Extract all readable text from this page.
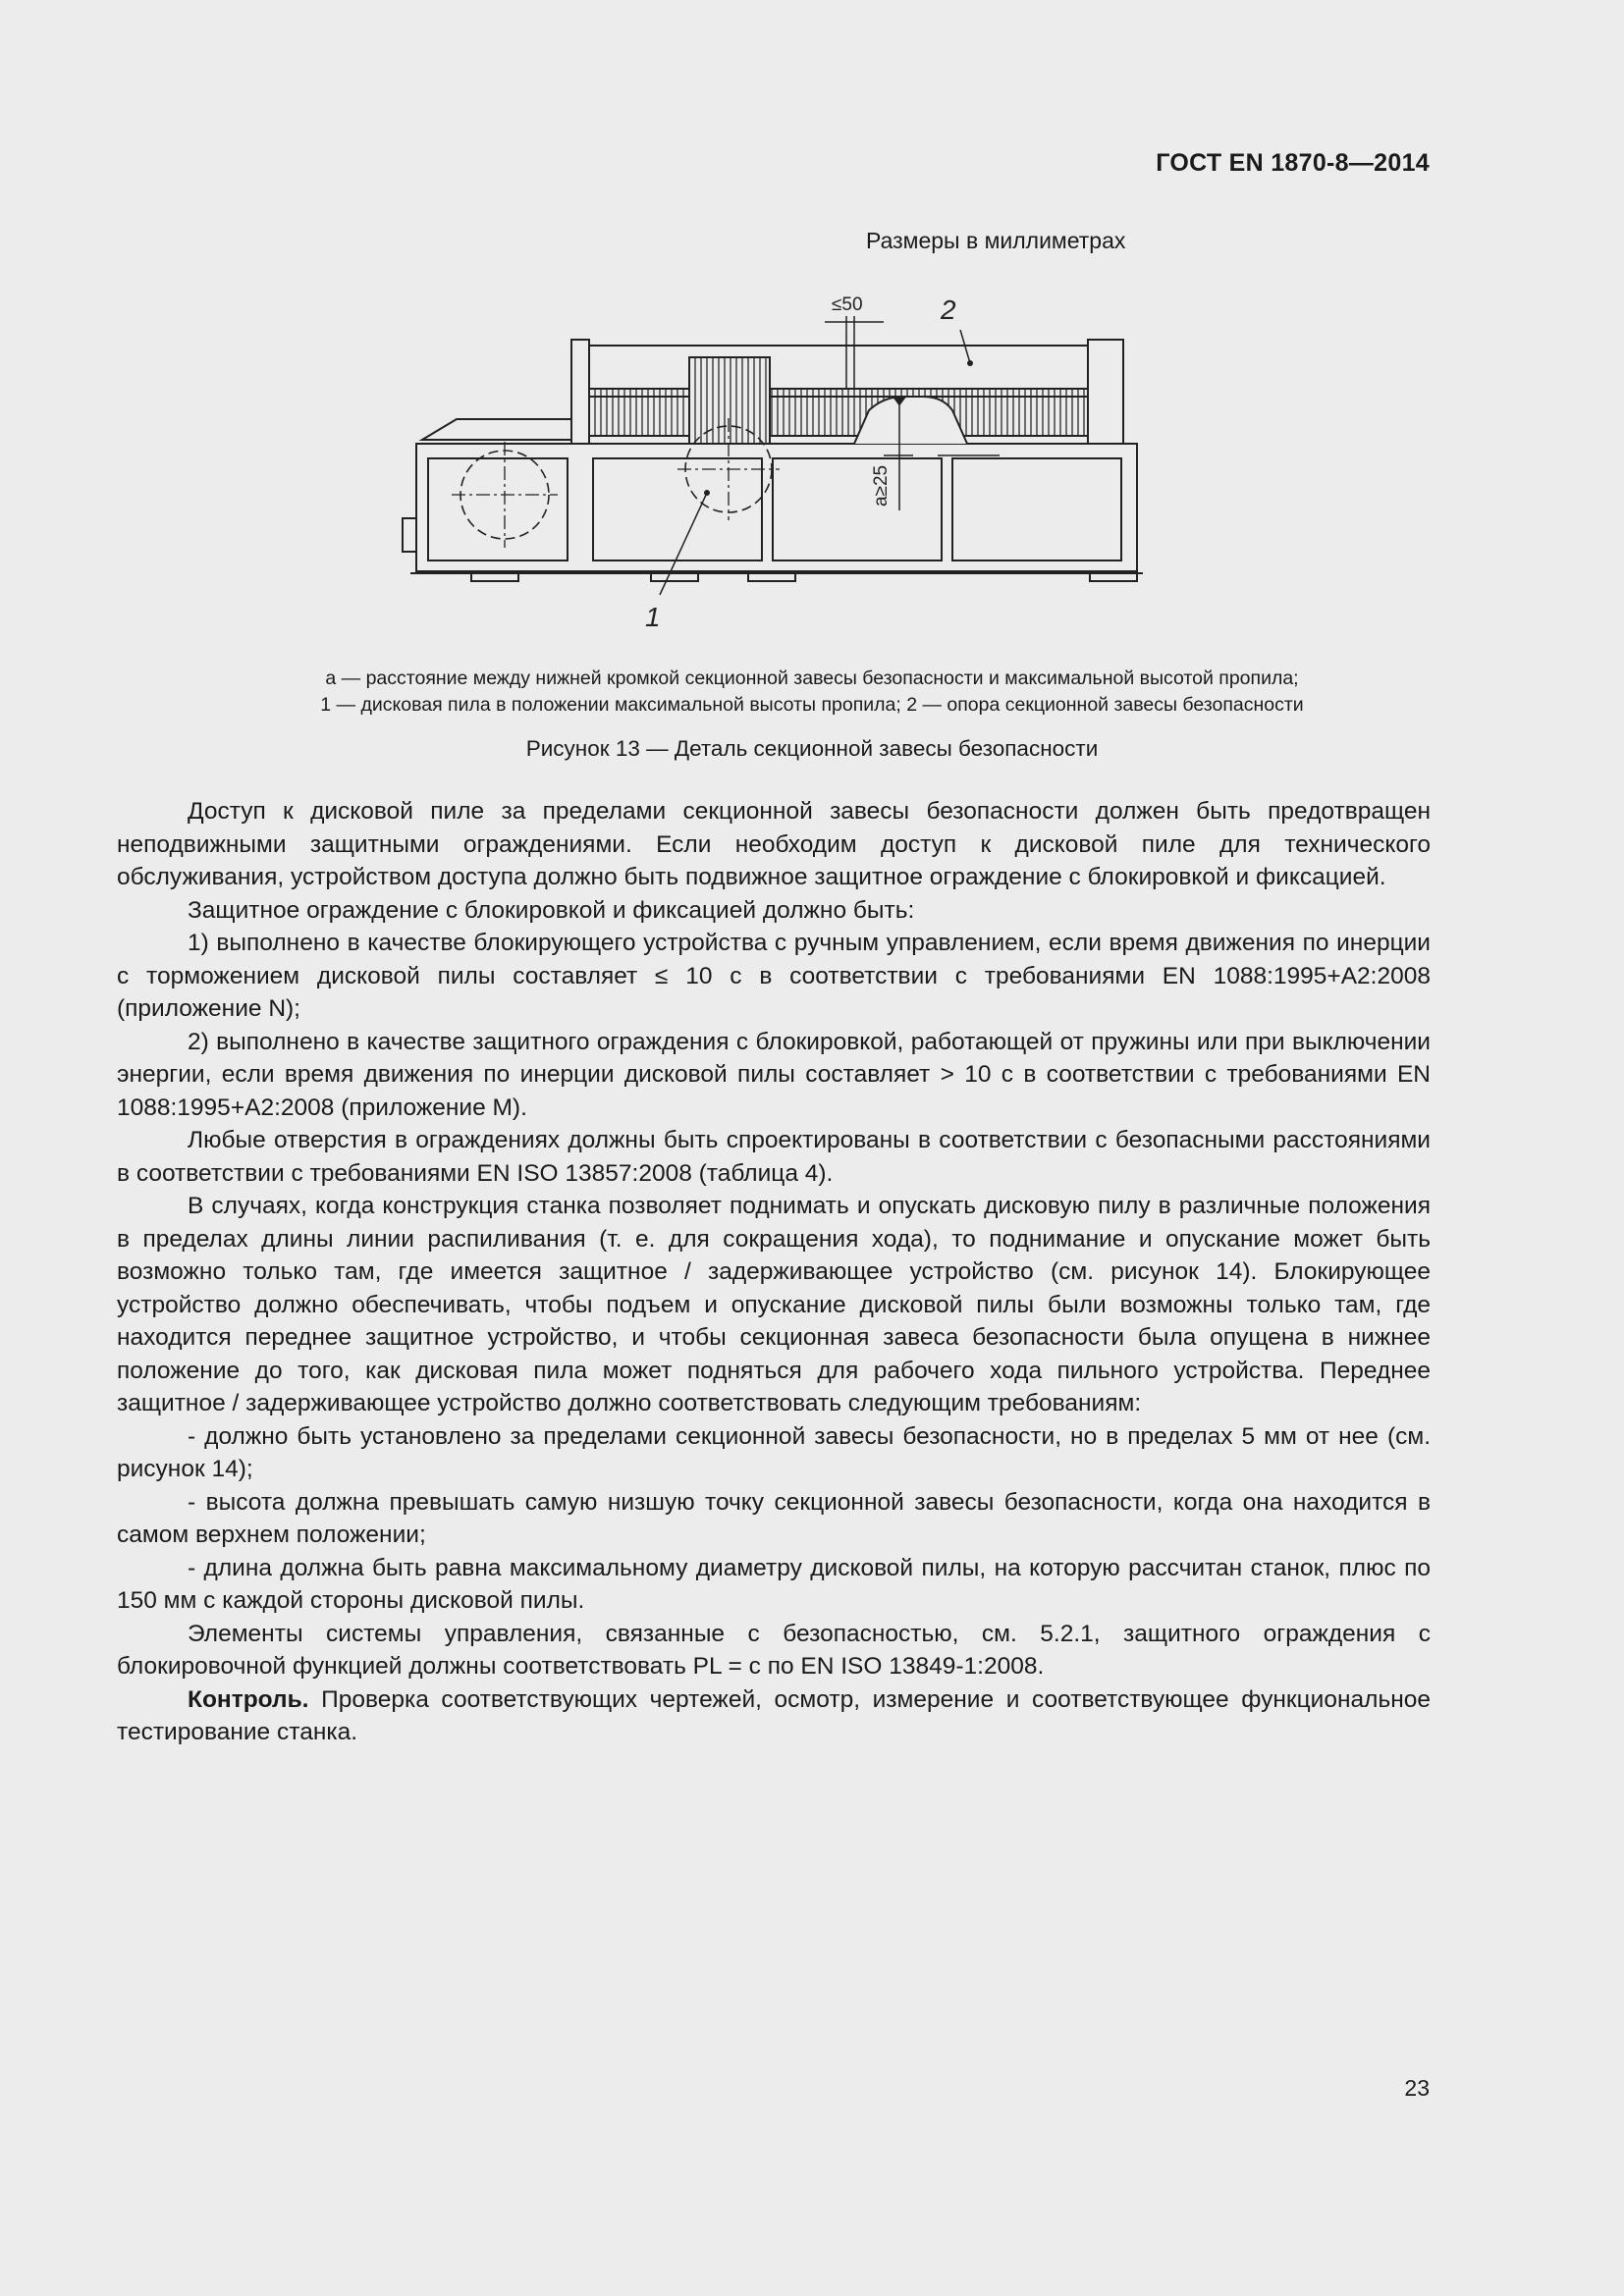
ГОСТ EN 1870-8—2014
Размеры в миллиметрах
≤50
a≥25
2
1
a — расстояние между нижней кромкой секционной завесы безопасности и максимальной высотой пропила;
1 — дисковая пила в положении максимальной высоты пропила; 2 — опора секционной завесы безопасности
Рисунок 13 — Деталь секционной завесы безопасности

Доступ к дисковой пиле за пределами секционной завесы безопасности должен быть предотвращен неподвижными защитными ограждениями. Если необходим доступ к дисковой пиле для технического обслуживания, устройством доступа должно быть подвижное защитное ограждение с блокировкой и фиксацией.

Защитное ограждение с блокировкой и фиксацией должно быть:

1) выполнено в качестве блокирующего устройства с ручным управлением, если время движения по инерции с торможением дисковой пилы составляет ≤ 10 с в соответствии с требованиями EN 1088:1995+A2:2008 (приложение N);

2) выполнено в качестве защитного ограждения с блокировкой, работающей от пружины или при выключении энергии, если время движения по инерции дисковой пилы составляет > 10 с в соответствии с требованиями EN 1088:1995+A2:2008 (приложение M).

Любые отверстия в ограждениях должны быть спроектированы в соответствии с безопасными расстояниями в соответствии с требованиями EN ISO 13857:2008 (таблица 4).

В случаях, когда конструкция станка позволяет поднимать и опускать дисковую пилу в различные положения в пределах длины линии распиливания (т. е. для сокращения хода), то поднимание и опускание может быть возможно только там, где имеется защитное / задерживающее устройство (см. рисунок 14). Блокирующее устройство должно обеспечивать, чтобы подъем и опускание дисковой пилы были возможны только там, где находится переднее защитное устройство, и чтобы секционная завеса безопасности была опущена в нижнее положение до того, как дисковая пила может подняться для рабочего хода пильного устройства. Переднее защитное / задерживающее устройство должно соответствовать следующим требованиям:

- должно быть установлено за пределами секционной завесы безопасности, но в пределах 5 мм от нее (см. рисунок 14);

- высота должна превышать самую низшую точку секционной завесы безопасности, когда она находится в самом верхнем положении;

- длина должна быть равна максимальному диаметру дисковой пилы, на которую рассчитан станок, плюс по 150 мм с каждой стороны дисковой пилы.

Элементы системы управления, связанные с безопасностью, см. 5.2.1, защитного ограждения с блокировочной функцией должны соответствовать PL = c по EN ISO 13849-1:2008.

Контроль. Проверка соответствующих чертежей, осмотр, измерение и соответствующее функциональное тестирование станка.

23
